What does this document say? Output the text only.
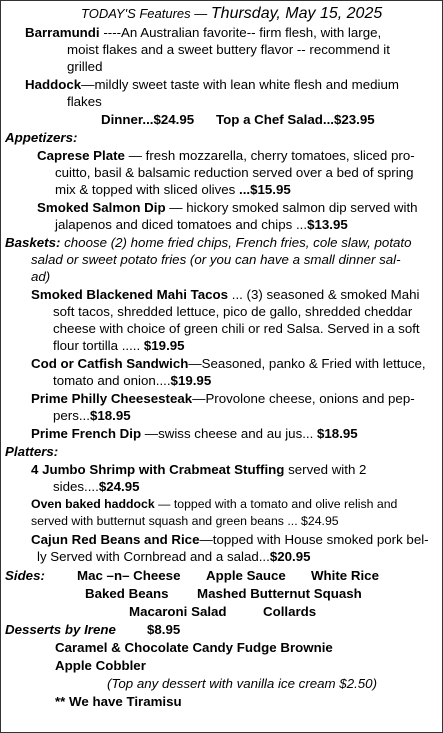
TODAY'S Features — Thursday, May 15, 2025
Barramundi ----An Australian favorite-- firm flesh, with large,
moist flakes and a sweet buttery flavor -- recommend it
grilled
Haddock—mildly sweet taste with lean white flesh and medium
flakes
Dinner...$24.95 Top a Chef Salad...$23.95
Appetizers:
Caprese Plate — fresh mozzarella, cherry tomatoes, sliced pro-
cuitto, basil & balsamic reduction served over a bed of spring
mix & topped with sliced olives ...$15.95
Smoked Salmon Dip — hickory smoked salmon dip served with
jalapenos and diced tomatoes and chips ...$13.95
Baskets: choose (2) home fried chips, French fries, cole slaw, potato
salad or sweet potato fries (or you can have a small dinner sal-
ad)
Smoked Blackened Mahi Tacos ... (3) seasoned & smoked Mahi
soft tacos, shredded lettuce, pico de gallo, shredded cheddar
cheese with choice of green chili or red Salsa. Served in a soft
flour tortilla ..... $19.95
Cod or Catfish Sandwich—Seasoned, panko & Fried with lettuce,
tomato and onion....$19.95
Prime Philly Cheesesteak—Provolone cheese, onions and pep-
pers...$18.95
Prime French Dip —swiss cheese and au jus... $18.95
Platters:
4 Jumbo Shrimp with Crabmeat Stuffing served with 2
sides....$24.95
Oven baked haddock — topped with a tomato and olive relish and
served with butternut squash and green beans ... $24.95
Cajun Red Beans and Rice—topped with House smoked pork bel-
ly Served with Cornbread and a salad...$20.95
Sides: Mac –n– Cheese Apple Sauce White Rice
Baked Beans Mashed Butternut Squash
Macaroni Salad	Collards
Desserts by Irene $8.95
Caramel & Chocolate Candy Fudge Brownie
Apple Cobbler
(Top any dessert with vanilla ice cream $2.50)
** We have Tiramisu
